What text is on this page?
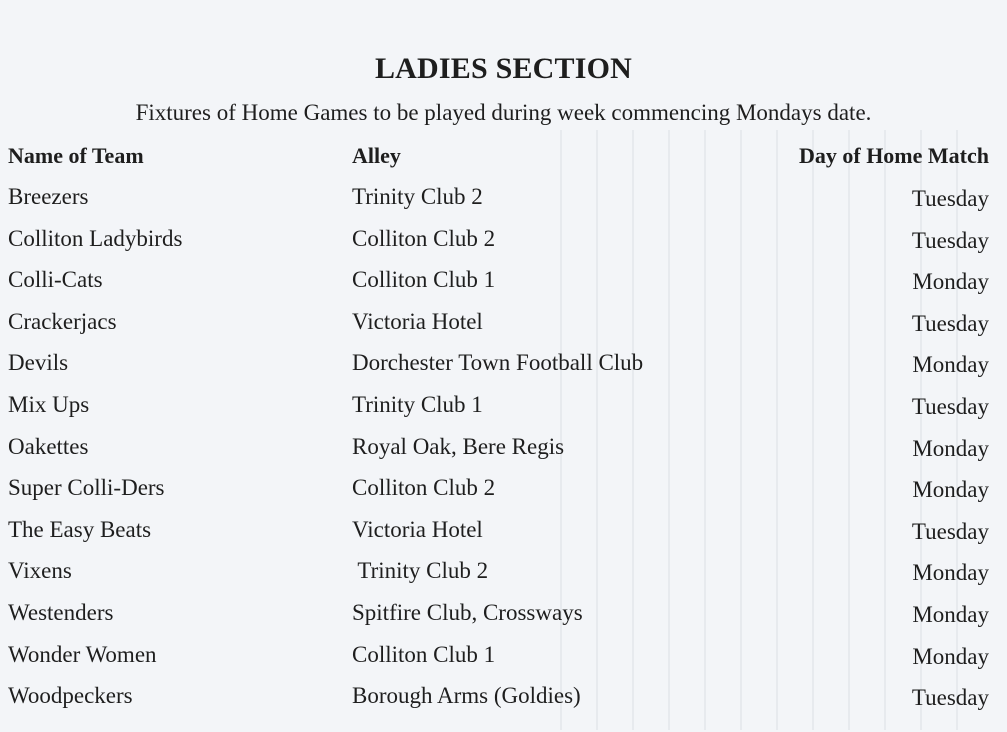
LADIES SECTION
Fixtures of Home Games to be played during week commencing Mondays date.
Name of Team	Alley	Day of Home Match
Breezers	Trinity Club 2	Tuesday
Colliton Ladybirds	Colliton Club 2	Tuesday
Colli-Cats	Colliton Club 1	Monday
Crackerjacs	Victoria Hotel	Tuesday
Devils	Dorchester Town Football Club	Monday
Mix Ups	Trinity Club 1	Tuesday
Oakettes	Royal Oak, Bere Regis	Monday
Super Colli-Ders	Colliton Club 2	Monday
The Easy Beats	Victoria Hotel	Tuesday
Vixens	Trinity Club 2	Monday
Westenders	Spitfire Club, Crossways	Monday
Wonder Women	Colliton Club 1	Monday
Woodpeckers	Borough Arms (Goldies)	Tuesday
